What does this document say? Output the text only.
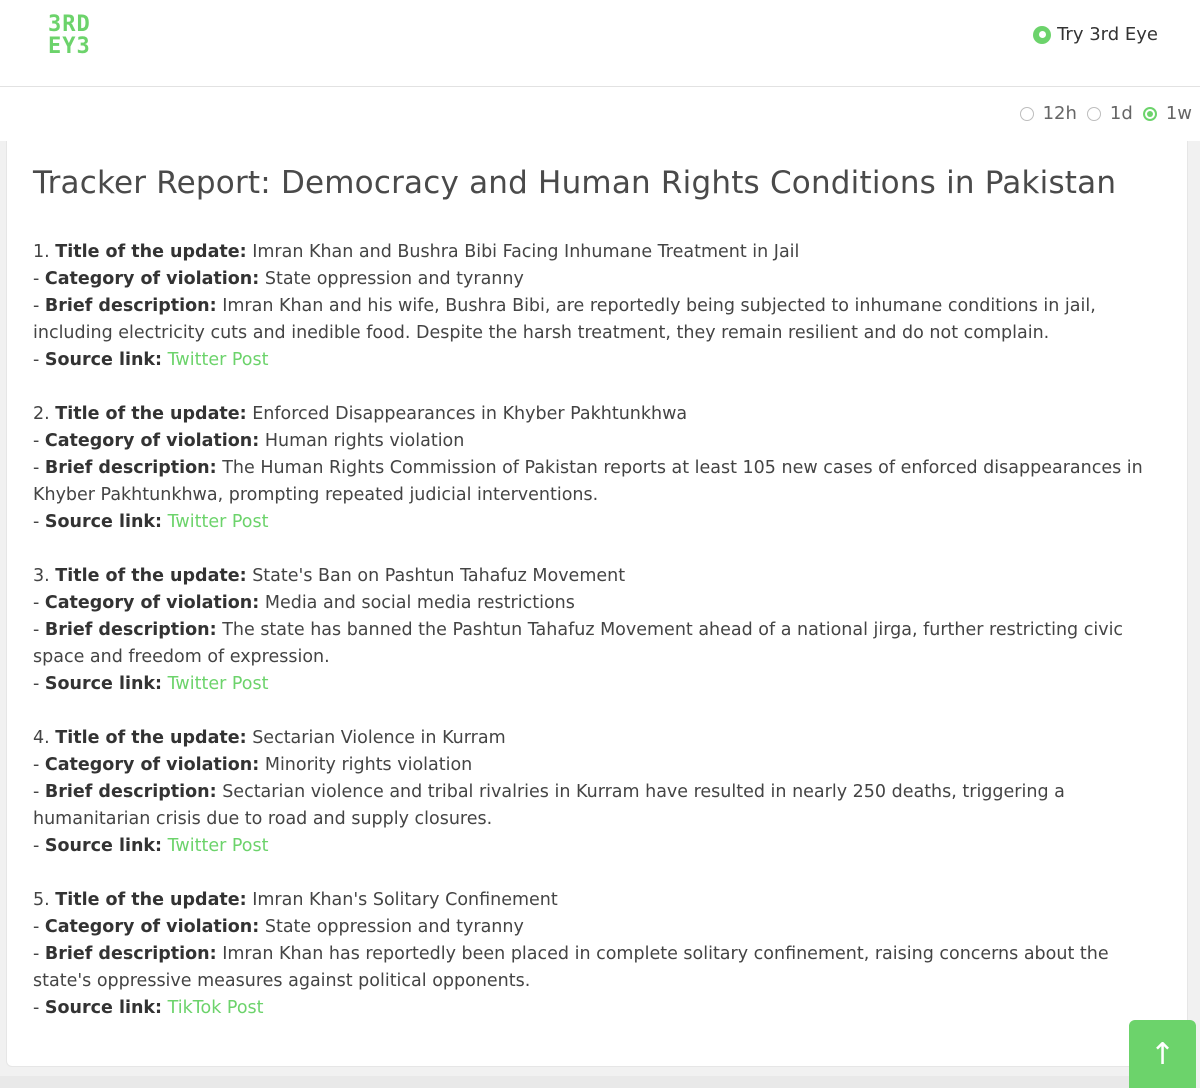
3RD
EY3	Try 3rd Eye
12h 1d 1w
Tracker Report: Democracy and Human Rights Conditions in Pakistan
1. Title of the update: Imran Khan and Bushra Bibi Facing Inhumane Treatment in Jail
- Category of violation: State oppression and tyranny
- Brief description: Imran Khan and his wife, Bushra Bibi, are reportedly being subjected to inhumane conditions in jail, including electricity cuts and inedible food. Despite the harsh treatment, they remain resilient and do not complain.
- Source link: Twitter Post
2. Title of the update: Enforced Disappearances in Khyber Pakhtunkhwa
- Category of violation: Human rights violation
- Brief description: The Human Rights Commission of Pakistan reports at least 105 new cases of enforced disappearances in Khyber Pakhtunkhwa, prompting repeated judicial interventions.
- Source link: Twitter Post
3. Title of the update: State's Ban on Pashtun Tahafuz Movement
- Category of violation: Media and social media restrictions
- Brief description: The state has banned the Pashtun Tahafuz Movement ahead of a national jirga, further restricting civic space and freedom of expression.
- Source link: Twitter Post
4. Title of the update: Sectarian Violence in Kurram
- Category of violation: Minority rights violation
- Brief description: Sectarian violence and tribal rivalries in Kurram have resulted in nearly 250 deaths, triggering a humanitarian crisis due to road and supply closures.
- Source link: Twitter Post
5. Title of the update: Imran Khan's Solitary Confinement
- Category of violation: State oppression and tyranny
- Brief description: Imran Khan has reportedly been placed in complete solitary confinement, raising concerns about the state's oppressive measures against political opponents.
- Source link: TikTok Post
↑
